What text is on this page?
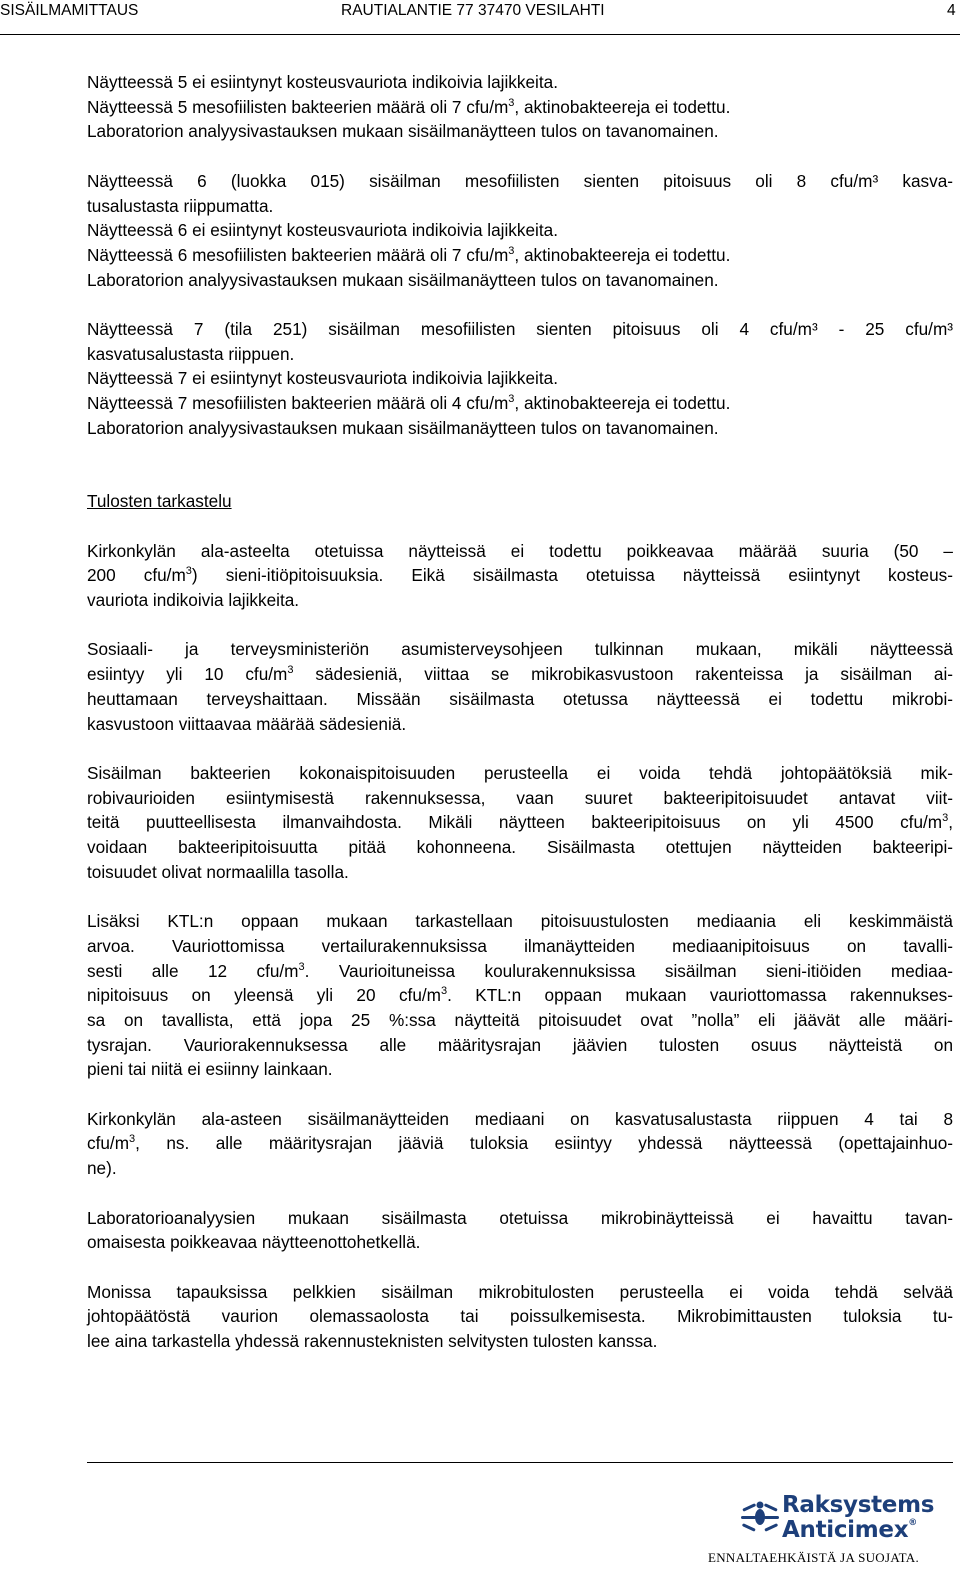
SISÄILMAMITTAUS	RAUTIALANTIE 77 37470 VESILAHTI	4
Näytteessä 5 ei esiintynyt kosteusvauriota indikoivia lajikkeita.
Näytteessä 5 mesofiilisten bakteerien määrä oli 7 cfu/$m^3$, aktinobakteereja ei todettu.
Laboratorion analyysivastauksen mukaan sisäilmanäytteen tulos on tavanomainen.
Näytteessä 6 (luokka 015) sisäilman mesofiilisten sienten pitoisuus oli 8 cfu/m³ kasva-
tusalustasta riippumatta.
Näytteessä 6 ei esiintynyt kosteusvauriota indikoivia lajikkeita.
Näytteessä 6 mesofiilisten bakteerien määrä oli 7 cfu/$m^3$, aktinobakteereja ei todettu.
Laboratorion analyysivastauksen mukaan sisäilmanäytteen tulos on tavanomainen.
Näytteessä 7 (tila 251) sisäilman mesofiilisten sienten pitoisuus oli 4 cfu/m³ - 25 cfu/m³
kasvatusalustasta riippuen.
Näytteessä 7 ei esiintynyt kosteusvauriota indikoivia lajikkeita.
Näytteessä 7 mesofiilisten bakteerien määrä oli 4 cfu/$m^3$, aktinobakteereja ei todettu.
Laboratorion analyysivastauksen mukaan sisäilmanäytteen tulos on tavanomainen.
Tulosten tarkastelu
Kirkonkylän ala-asteelta otetuissa näytteissä ei todettu poikkeavaa määrää suuria (50 –
200 cfu/$m^3$) sieni-itiöpitoisuuksia. Eikä sisäilmasta otetuissa näytteissä esiintynyt kosteus-
vauriota indikoivia lajikkeita.
Sosiaali- ja terveysministeriön asumisterveysohjeen tulkinnan mukaan, mikäli näytteessä
esiintyy yli 10 cfu/$m^3$ sädesieniä, viittaa se mikrobikasvustoon rakenteissa ja sisäilman ai-
heuttamaan terveyshaittaan. Missään sisäilmasta otetussa näytteessä ei todettu mikrobi-
kasvustoon viittaavaa määrää sädesieniä.
Sisäilman bakteerien kokonaispitoisuuden perusteella ei voida tehdä johtopäätöksiä mik-
robivaurioiden esiintymisestä rakennuksessa, vaan suuret bakteeripitoisuudet antavat viit-
teitä puutteellisesta ilmanvaihdosta. Mikäli näytteen bakteeripitoisuus on yli 4500 cfu/$m^3$,
voidaan bakteeripitoisuutta pitää kohonneena. Sisäilmasta otettujen näytteiden bakteeripi-
toisuudet olivat normaalilla tasolla.
Lisäksi KTL:n oppaan mukaan tarkastellaan pitoisuustulosten mediaania eli keskimmäistä
arvoa. Vauriottomissa vertailurakennuksissa ilmanäytteiden mediaanipitoisuus on tavalli-
sesti alle 12 cfu/$m^3$. Vaurioituneissa koulurakennuksissa sisäilman sieni-itiöiden mediaa-
nipitoisuus on yleensä yli 20 cfu/$m^3$. KTL:n oppaan mukaan vauriottomassa rakennukses-
sa on tavallista, että jopa 25 %:ssa näytteitä pitoisuudet ovat ”nolla” eli jäävät alle määri-
tysrajan. Vauriorakennuksessa alle määritysrajan jäävien tulosten osuus näytteistä on
pieni tai niitä ei esiinny lainkaan.
Kirkonkylän ala-asteen sisäilmanäytteiden mediaani on kasvatusalustasta riippuen 4 tai 8
cfu/$m^3$, ns. alle määritysrajan jääviä tuloksia esiintyy yhdessä näytteessä (opettajainhuo-
ne).
Laboratorioanalyysien mukaan sisäilmasta otetuissa mikrobinäytteissä ei havaittu tavan-
omaisesta poikkeavaa näytteenottohetkellä.
Monissa tapauksissa pelkkien sisäilman mikrobitulosten perusteella ei voida tehdä selvää
johtopäätöstä vaurion olemassaolosta tai poissulkemisesta. Mikrobimittausten tuloksia tu-
lee aina tarkastella yhdessä rakennusteknisten selvitysten tulosten kanssa.
Raksystems
Anticimex®
ENNALTAEHKÄISTÄ JA SUOJATA.
